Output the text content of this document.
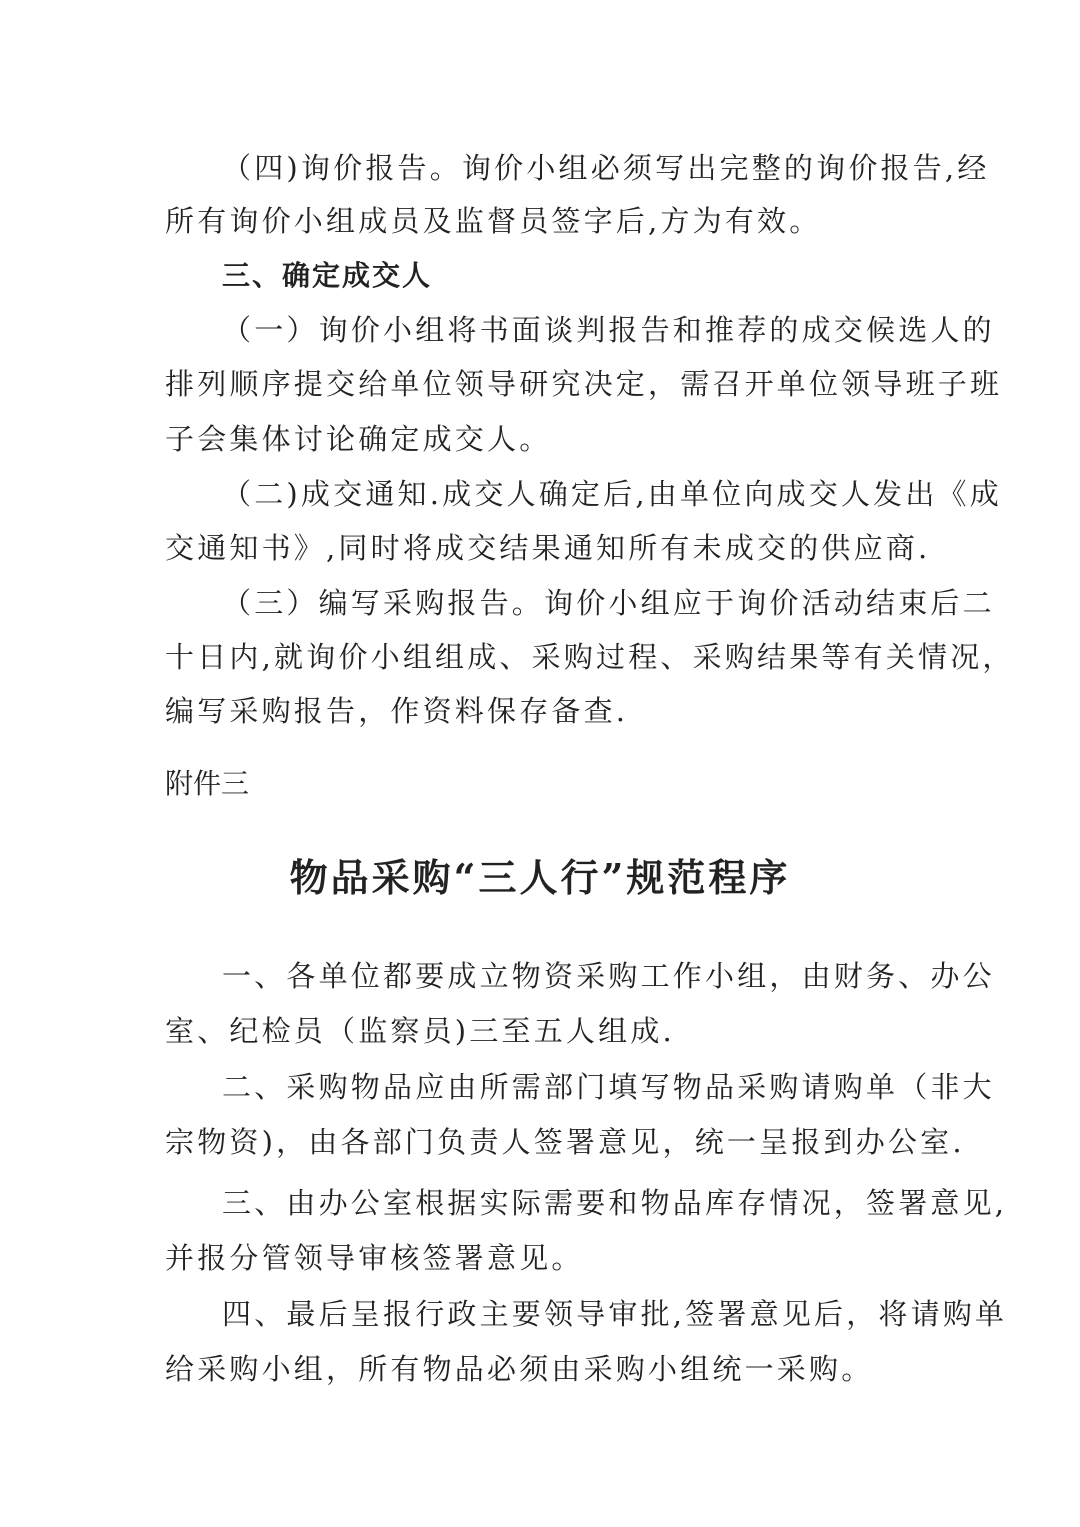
（四)询价报告。询价小组必须写出完整的询价报告,经
所有询价小组成员及监督员签字后,方为有效。
三、确定成交人
（一）询价小组将书面谈判报告和推荐的成交候选人的
排列顺序提交给单位领导研究决定，需召开单位领导班子班
子会集体讨论确定成交人。
（二)成交通知.成交人确定后,由单位向成交人发出《成
交通知书》,同时将成交结果通知所有未成交的供应商.
（三）编写采购报告。询价小组应于询价活动结束后二
十日内,就询价小组组成、采购过程、采购结果等有关情况，
编写采购报告，作资料保存备查.
附件三
物品采购“三人行”规范程序
一、各单位都要成立物资采购工作小组，由财务、办公
室、纪检员（监察员)三至五人组成.
二、采购物品应由所需部门填写物品采购请购单（非大
宗物资)，由各部门负责人签署意见，统一呈报到办公室.
三、由办公室根据实际需要和物品库存情况，签署意见,
并报分管领导审核签署意见。
四、最后呈报行政主要领导审批,签署意见后，将请购单
给采购小组，所有物品必须由采购小组统一采购。
